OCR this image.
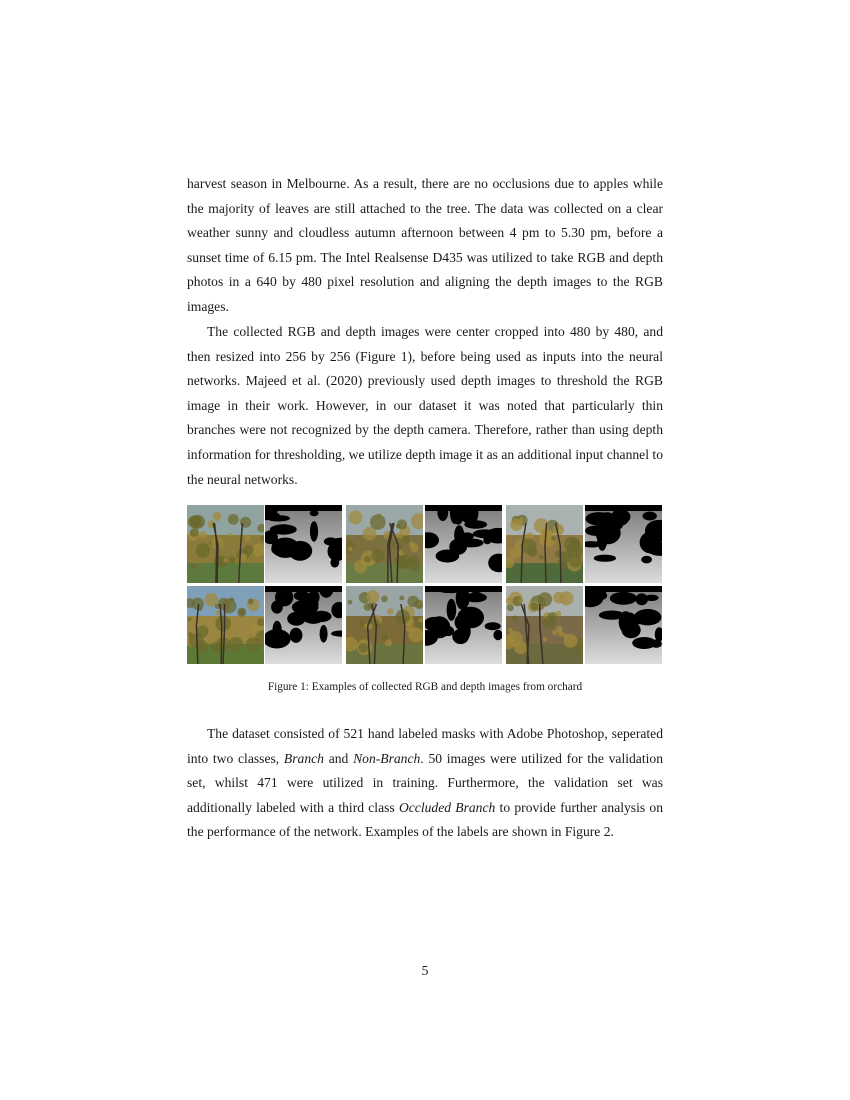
harvest season in Melbourne. As a result, there are no occlusions due to apples while the majority of leaves are still attached to the tree. The data was collected on a clear weather sunny and cloudless autumn afternoon between 4 pm to 5.30 pm, before a sunset time of 6.15 pm. The Intel Realsense D435 was utilized to take RGB and depth photos in a 640 by 480 pixel resolution and aligning the depth images to the RGB images.

The collected RGB and depth images were center cropped into 480 by 480, and then resized into 256 by 256 (Figure 1), before being used as inputs into the neural networks. Majeed et al. (2020) previously used depth images to threshold the RGB image in their work. However, in our dataset it was noted that particularly thin branches were not recognized by the depth camera. Therefore, rather than using depth information for thresholding, we utilize depth image it as an additional input channel to the neural networks.

Figure 1: Examples of collected RGB and depth images from orchard

The dataset consisted of 521 hand labeled masks with Adobe Photoshop, seperated into two classes, Branch and Non-Branch. 50 images were utilized for the validation set, whilst 471 were utilized in training. Furthermore, the validation set was additionally labeled with a third class Occluded Branch to provide further analysis on the performance of the network. Examples of the labels are shown in Figure 2.

5
